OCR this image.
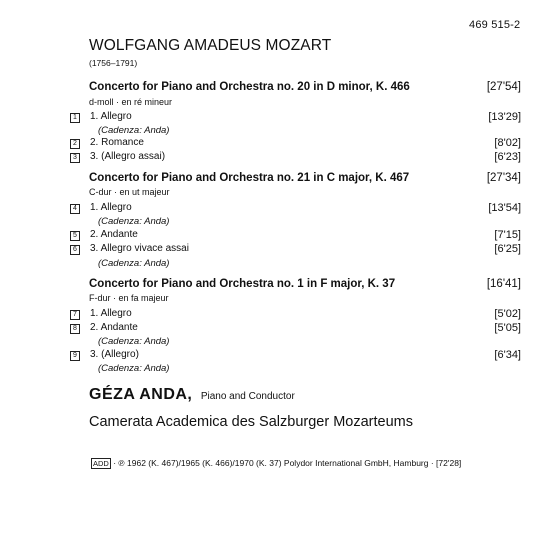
469 515-2
WOLFGANG AMADEUS MOZART
(1756–1791)
Concerto for Piano and Orchestra no. 20 in D minor, K. 466	[27'54]
d-moll · en ré mineur
1	1. Allegro	[13'29]
(Cadenza: Anda)
2	2. Romance	[8'02]
3	3. (Allegro assai)	[6'23]
Concerto for Piano and Orchestra no. 21 in C major, K. 467	[27'34]
C-dur · en ut majeur
4	1. Allegro	[13'54]
(Cadenza: Anda)
5	2. Andante	[7'15]
6	3. Allegro vivace assai	[6'25]
(Cadenza: Anda)
Concerto for Piano and Orchestra no. 1 in F major, K. 37	[16'41]
F-dur · en fa majeur
7	1. Allegro	[5'02]
8	2. Andante	[5'05]
(Cadenza: Anda)
9	3. (Allegro)	[6'34]
(Cadenza: Anda)
GÉZA ANDA, Piano and Conductor
Camerata Academica des Salzburger Mozarteums
ADD · ℗ 1962 (K. 467)/1965 (K. 466)/1970 (K. 37) Polydor International GmbH, Hamburg · [72'28]
